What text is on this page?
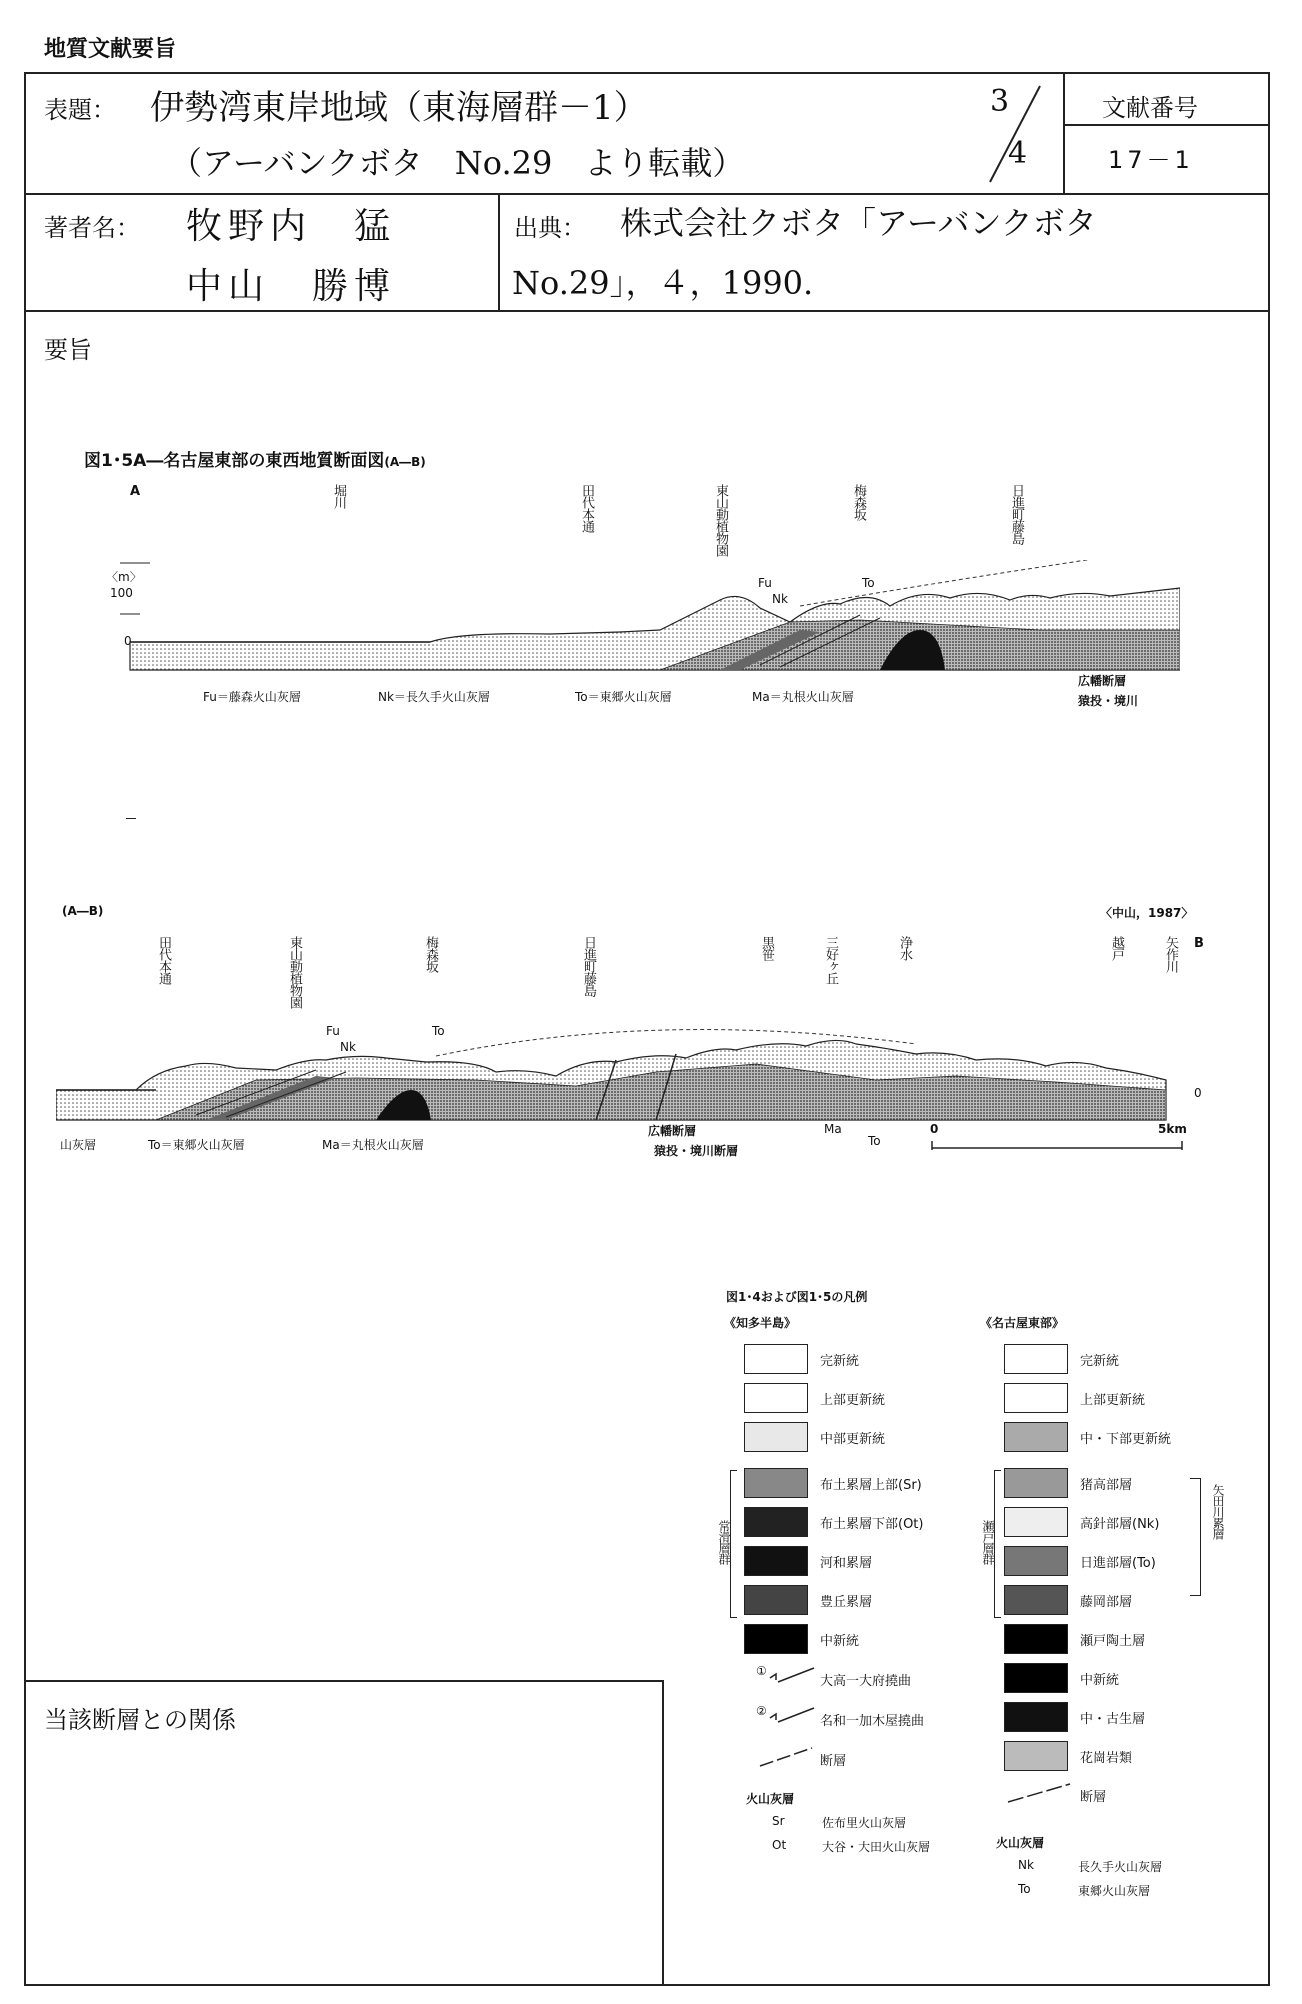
地質文献要旨
表題： 伊勢湾東岸地域（東海層群－1）
（アーバンクボタ　No.29　より転載）
3
4
文献番号
17－1
著者名： 牧野内　猛
中山　勝博
出典： 株式会社クボタ「アーバンクボタ
No.29」，４，1990.
要旨
図1･5A―名古屋東部の東西地質断面図(A―B)
A	堀川	田代本通	東山動植物園	梅森坂	日進町藤島
〈m〉
100
0
Fu
Nk
To
Fu＝藤森火山灰層	Nk＝長久手火山灰層	To＝東郷火山灰層	Ma＝丸根火山灰層
広幡断層
猿投・境川
(A―B)	〈中山，1987〉
田代本通	東山動植物園	梅森坂	日進町藤島	黒笹	三好ヶ丘	浄水	越戸	矢作川 B
Fu
Nk
To
0
山灰層	To＝東郷火山灰層	Ma＝丸根火山灰層
広幡断層
猿投・境川断層
Ma
To
0	5km
図1･4および図1･5の凡例
《知多半島》	《名古屋東部》
完新統
上部更新統
中部更新統
布土累層上部(Sr)
布土累層下部(Ot)
河和累層
豊丘累層
中新統
常滑層群
①
大高一大府撓曲
②
名和一加木屋撓曲
断層
火山灰層
Sr	佐布里火山灰層
Ot	大谷・大田火山灰層
完新統
上部更新統
中・下部更新統
猪高部層
高針部層(Nk)
日進部層(To)
藤岡部層
瀬戸陶土層
中新統
中・古生層
花崗岩類
断層
瀬戸層群
矢田川累層
火山灰層
Nk	長久手火山灰層
To	東郷火山灰層
当該断層との関係
